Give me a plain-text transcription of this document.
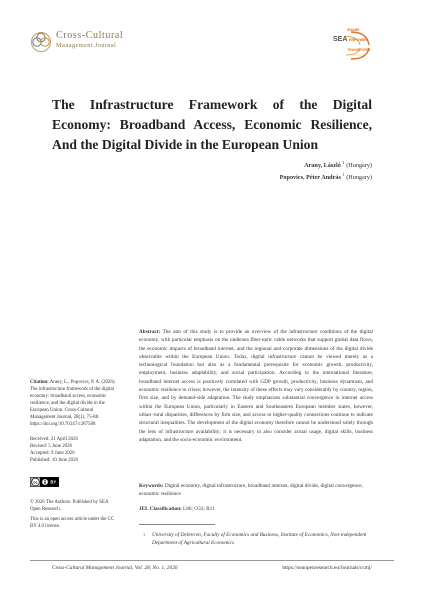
Cross-Cultural
Management Journal
SHARE
SEA EMPOWER
TRANSFORM
The Infrastructure Framework of the Digital Economy: Broadband Access, Economic Resilience, And the Digital Divide in the European Union
Arany, László $^1$ (Hungary)
Popovics, Péter András $^1$ (Hungary)
Abstract: The aim of this study is to provide an overview of the infrastructure conditions of the digital economy, with particular emphasis on the undersea fiber-optic cable networks that support global data flows, the economic impacts of broadband internet, and the regional and corporate dimensions of the digital divide observable within the European Union. Today, digital infrastructure cannot be viewed merely as a technological foundation but also as a fundamental prerequisite for economic growth, productivity, employment, business adaptability, and social participation. According to the international literature, broadband internet access is positively correlated with GDP growth, productivity, business dynamism, and economic resilience to crises; however, the intensity of these effects may vary considerably by country, region, firm size, and by demand-side adaptation. The study emphasizes substantial convergence in internet access within the European Union, particularly in Eastern and Southeastern European member states, however, urban–rural disparities, differences by firm size, and access to higher-quality connections continue to indicate structural inequalities. The development of the digital economy therefore cannot be understood solely through the lens of infrastructure availability; it is necessary to also consider actual usage, digital skills, business adaptation, and the socio-economic environment.
Keywords: Digital economy, digital infrastructure, broadband internet, digital divide, digital convergence, economic resilience
JEL Classification: L86; O33; R11
1	University of Debrecen, Faculty of Economics and Business, Institute of Economics, Non-independent Department of Agricultural Economics
Citation: Arany, L., Popovics, P. A. (2026). The infrastructure framework of the digital economy: broadband access, economic resilience, and the digital divide in the European Union. Cross-Cultural Management Journal, 28(1), 75-88. https://doi.org/10.70147/c287588
Received: 21 April 2026
Revised: 5 June 2026
Accepted: 9 June 2026
Published: 10 June 2026
cc	BY
© 2026 The Authors. Published by SEA Open Research.
This is an open access article under the CC BY 4.0 license.
Cross-Cultural Management Journal, Vol. 28, No. 1, 2026	https://seaopenresearch.eu/Journals/ccmj/
